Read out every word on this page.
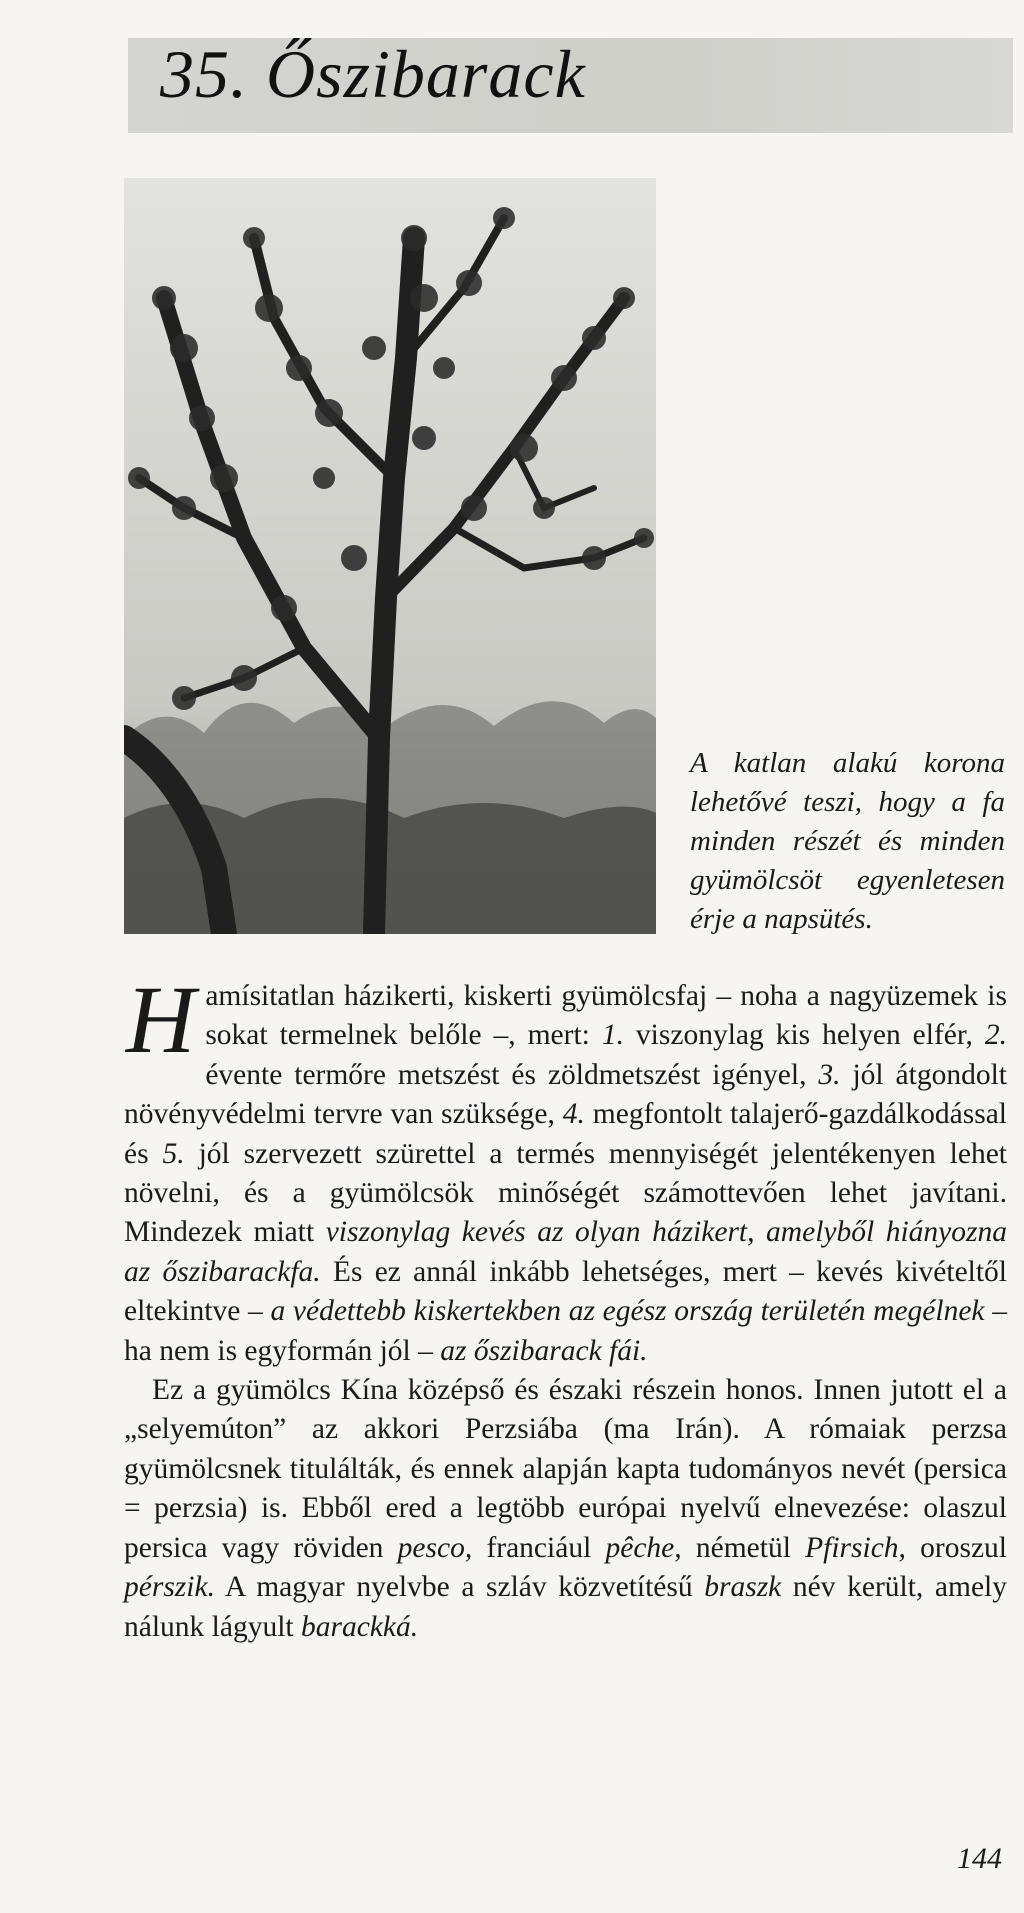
35. Őszibarack
A katlan alakú korona lehetővé teszi, hogy a fa minden részét és minden gyümölcsöt egyenletesen érje a napsütés.

Hamísitatlan házikerti, kiskerti gyümölcsfaj – noha a nagyüzemek is sokat termelnek belőle –, mert: 1. viszonylag kis helyen elfér, 2. évente termőre metszést és zöldmetszést igényel, 3. jól átgondolt növényvédelmi tervre van szüksége, 4. megfontolt talajerő-gazdálkodással és 5. jól szervezett szürettel a termés mennyiségét jelentékenyen lehet növelni, és a gyümölcsök minőségét számottevően lehet javítani. Mindezek miatt viszonylag kevés az olyan házikert, amelyből hiányozna az őszibarackfa. És ez annál inkább lehetséges, mert – kevés kivételtől eltekintve – a védettebb kiskertekben az egész ország területén megélnek – ha nem is egyformán jól – az őszibarack fái.

Ez a gyümölcs Kína középső és északi részein honos. Innen jutott el a „selyemúton” az akkori Perzsiába (ma Irán). A rómaiak perzsa gyümölcsnek titulálták, és ennek alapján kapta tudományos nevét (persica = perzsia) is. Ebből ered a legtöbb európai nyelvű elnevezése: olaszul persica vagy röviden pesco, franciául pêche, németül Pfirsich, oroszul pérszik. A magyar nyelvbe a szláv közvetítésű braszk név került, amely nálunk lágyult barackká.

144
